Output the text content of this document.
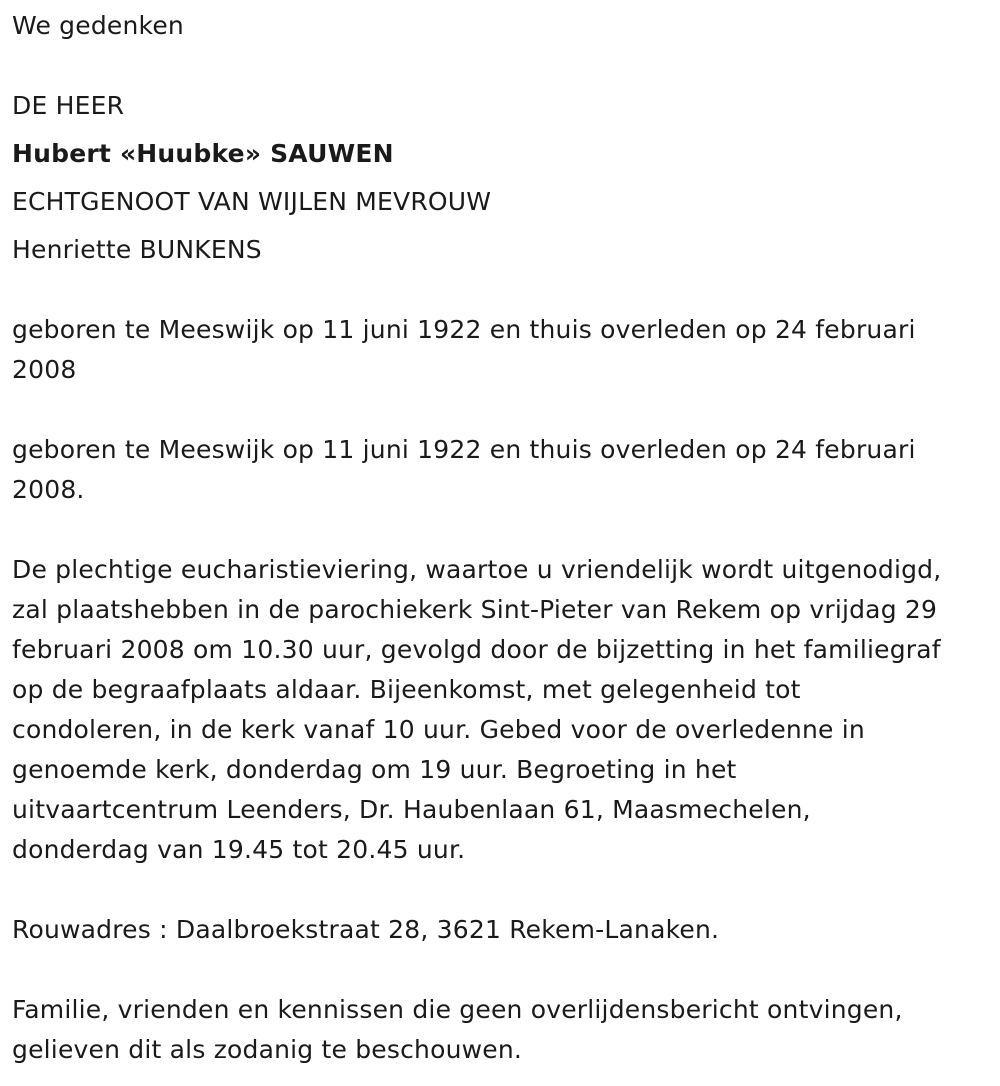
We gedenken
DE HEER
Hubert «Huubke» SAUWEN
ECHTGENOOT VAN WIJLEN MEVROUW
Henriette BUNKENS
geboren te Meeswijk op 11 juni 1922 en thuis overleden op 24 februari
2008
geboren te Meeswijk op 11 juni 1922 en thuis overleden op 24 februari
2008.
De plechtige eucharistieviering, waartoe u vriendelijk wordt uitgenodigd,
zal plaatshebben in de parochiekerk Sint-Pieter van Rekem op vrijdag 29
februari 2008 om 10.30 uur, gevolgd door de bijzetting in het familiegraf
op de begraafplaats aldaar. Bijeenkomst, met gelegenheid tot
condoleren, in de kerk vanaf 10 uur. Gebed voor de overledenne in
genoemde kerk, donderdag om 19 uur. Begroeting in het
uitvaartcentrum Leenders, Dr. Haubenlaan 61, Maasmechelen,
donderdag van 19.45 tot 20.45 uur.
Rouwadres : Daalbroekstraat 28, 3621 Rekem-Lanaken.
Familie, vrienden en kennissen die geen overlijdensbericht ontvingen,
gelieven dit als zodanig te beschouwen.
